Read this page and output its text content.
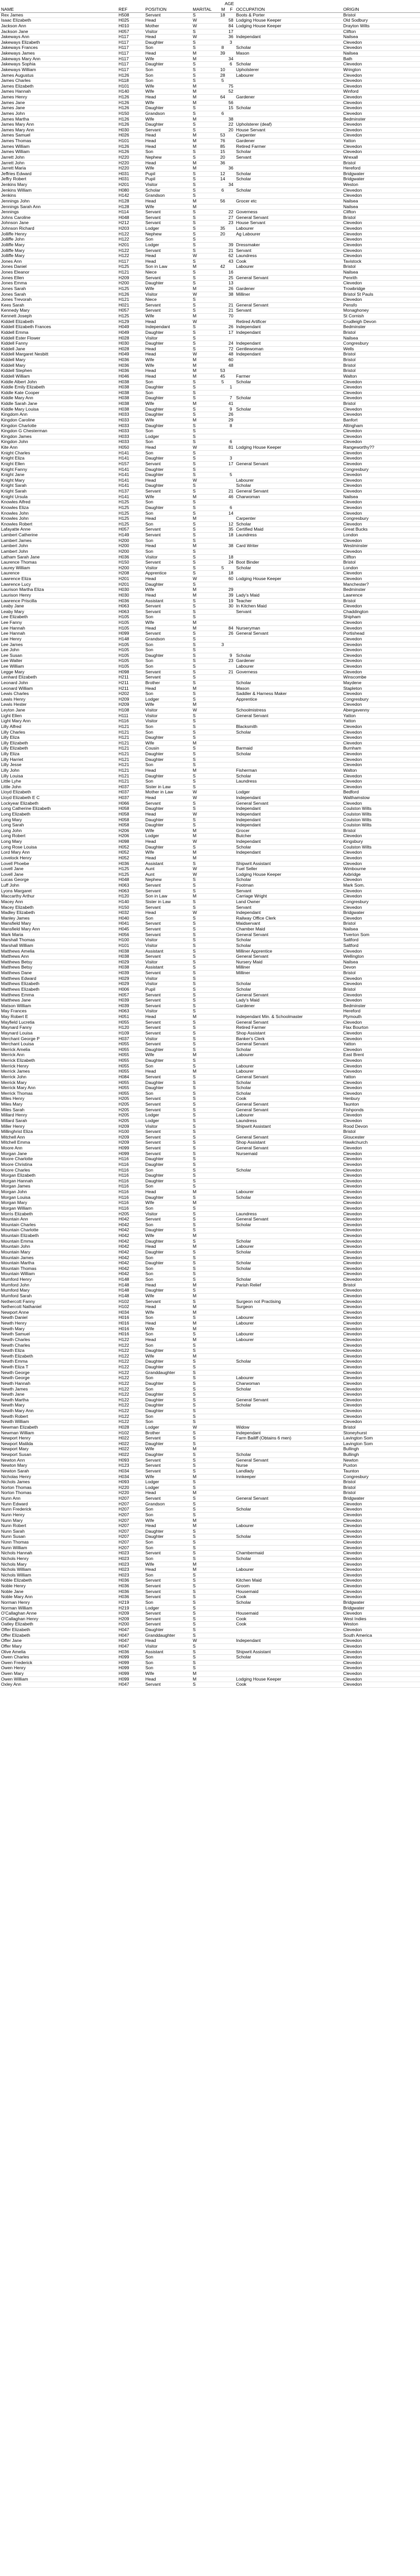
AGE
NAME	REF	POSITION	MARITAL	M	F	OCCUPATION	ORIGIN
Rex James	H508	Servant	S	18		Boots & Porter	Bristol
Isaac Elizabeth	H025	Head	W		58	Lodging House Keeper	Old Sodbury
Jackson Ann	H010	Mother	W		84	Lodging House Keeper	Drayton Wilts
Jackson Jane	H057	Visitor	S		17		Clifton
Jakeways Ann	H117	Head	W		36	Independant	Nailsea
Jakeways Elizabeth	H117	Daughter	S		3		Clevedon
Jakeways Frances	H117	Son	S	8		Scholar	Clevedon
Jakeways James	H117	Head	M	39		Mason	Nailsea
Jakeways Mary Ann	H117	Wife	M		34		Bath
Jakeways Sophia	H117	Daughter	S		6	Scholar	Clevedon
Jakeways William	H117	Son	S	10		Upholsterer	Wrington
James Augustus	H126	Son	S	28		Labourer	Clevedon
James Charles	H118	Son	S	5			Clevedon
James Elizabeth	H101	Wife	M		75		Clevedon
James Hannah	H140	Wife	M		52		Winford
James Henry	H126	Head	M	64		Gardener	Clevedon
James Jane	H126	Wife	M		56		Clevedon
James Jane	H126	Daughter	S		15	Scholar	Clevedon
James John	H150	Grandson	S	6			Clevedon
James Martha	H126	Wife	M		38		Bedminster
James Mary Ann	H126	Daughter	S		22	Upholsterer (deaf)	Clevedon
James Mary Ann	H030	Servant	S		20	House Servant	Clevedon
James Samuel	H026	Head	M	53		Carpenter	Clevedon
James Thomas	H101	Head	M	76		Gardener	Yatton
James William	H126	Head	M	85		Retired Farmer	Clevedon
James William	H126	Son	S	15		Scholar	Clevedon
Jarrett John	H220	Nephew	S	20		Servant	Wrexall
Jarrett John	H220	Head	M	36			Bristol
Jarrett Maria	H220	Wife	M		36		Hereford
Jeffries Edward	H031	Pupil	S	12		Scholar	Bridgwater
Jeffry Robert	H031	Pupil	S	14		Scholar	Bridgwater
Jenkins Mary	H201	Visitor	S		34		Weston
Jenkins William	H080	Scholar	S	6		Scholar	Clevedon
Jenkins	H142	Grandson	S				Clevedon
Jennings John	H128	Head	M	56		Grocer etc	Nailsea
Jennings Sarah Ann	H128	Wife	M				Nailsea
Jennings	H114	Servant	S		22	Governess	Clifton
Johns Caroline	H048	Servant	S		27	General Servant	Bristol
Johnson Jane	H212	Servant	S		23	House Servant	Clevedon
Johnson Richard	H203	Lodger	S	35		Labourer	Clevedon
Jolliffe Henry	H122	Nephew	S	20		Ag Labourer	Clevedon
Jolliffe John	H122	Son	S				Clevedon
Jolliffe Mary	H201	Lodger	S		39	Dressmaker	Clevedon
Jolliffe Mary	H122	Servant	S		21	Servant	Clevedon
Jolliffe Mary	H122	Head	W		62	Laundress	Clevedon
Jones Ann	H117	Head	S		43	Cook	Tavistock
Jones Daniel	H125	Son in Law	M	42		Labourer	Bristol
Jones Eleanor	H121	Niece	S		16		Nailsea
Jones Ellen	H209	Servant	S		25	General Servant	Penrith
Jones Emma	H200	Daughter	S		13		Clevedon
Jones Sarah	H125	Wife	M		26	Gardener	Trowbridge
Jones Sarah	H126	Visitor	W		38	Milliner	Bristol St Pauls
Jones Trevorah	H121	Niece	S				Clevedon
Kees Sarah	H021	Servant	S		21	General Servant	Pensfo
Kennedy Mary	H057	Servant	S		21	Servant	Monaghoney
Kennett Joseph	H125	Wife	M		70		St Cornish
Kiddell Elizabeth	H129	Head	W			Retired Artificer	Crudleigh Devon
Kiddell Elizabeth Frances	H049	Independant	S		26	Independant	Bedminster
Kiddell Emma	H049	Daughter	S		17	Independant	Bristol
Kiddell Ester Flower	H028	Visitor	S				Nailsea
Kiddell Fanny	H030	Daughter	S		24	Independant	Congresbury
Kiddell Jane	H028	Head	S		72	Gentlewoman	Wells
Kiddell Margaret Nesbitt	H049	Head	W		48	Independant	Bristol
Kiddell Mary	H036	Wife	M		60		Bristol
Kiddell Mary	H036	Wife	M		48		Bristol
Kiddell Stephen	H036	Head	M	53			Bristol
Kiddell William	H046	Head	M	45		Farmer	Walton
Kiddle Albert John	H038	Son	S	5		Scholar	Clevedon
Kiddle Emily Elizabeth	H038	Daughter	S		1		Clevedon
Kiddle Kate Cooper	H038	Son	S				Clevedon
Kiddle Mary Ann	H038	Daughter	S		7	Scholar	Clevedon
Kiddle Sarah Jane	H038	Wife	M		41		Bristol
Kiddle Mary Louisa	H038	Daughter	S		9	Scholar	Clevedon
Kingdom Ann	H033	Daughter	S		26		Clevedon
Kingdon Caroline	H033	Wife	M		29		Banfort
Kingdon Charlotte	H033	Daughter	S		8		Altingham
Kingdon G Chesterman	H033	Son	S				Clevedon
Kingdon James	H033	Lodger	S				Clevedon
Kingdon John	H033	Son	S		6		Clevedon
Kite Ann	H050	Head	W		81	Lodging House Keeper	Rangeworthy??
Knight Charles	H141	Son	S				Clevedon
Knight Eliza	H141	Daughter	S		3		Clevedon
Knight Ellen	H157	Servant	S		17	General Servant	Clevedon
Knight Fanny	H141	Daughter	S				Congresbury
Knight Jane	H141	Daughter	S		5		Clevedon
Knight Mary	H141	Head	W			Labourer	Clevedon
Knight Sarah	H141	Daughter	S			Scholar	Clevedon
Knight Sarah	H137	Servant	S		21	General Servant	Clevedon
Knight Ursula	H141	Wife	M		46	Charwoman	Nailsea
Knowles Alfred	H125	Son	S				Clevedon
Knowles Eliza	H125	Daughter	S		6		Clevedon
Knowles John	H125	Son	S		14		Clevedon
Knowles John	H125	Head	M			Carpenter	Congresbury
Knowles Robert	H125	Son	S		12	Scholar	Clevedon
Lafayatte Anne	H057	Servant	S		35	Certified Maid	Great Bucks
Lambert Catherine	H149	Servant	S		18	Laundress	London
Lambert James	H200	Son	S				Clevedon
Lambert John	H200	Head	M		38	Card Writer	Westminster
Lambert John	H200	Son	S				Clevedon
Latham Sarah Jane	H036	Visitor	S		18		Clifton
Laurence Thomas	H150	Servant	S		24	Boot Binder	Bristol
Laurey William	H200	Visitor	S	5		Scholar	London
Laurence	H208	Apprentice	S		18		Clevedon
Lawrence Eliza	H201	Head	W		60	Lodging House Keeper	Clevedon
Lawrence Lucy	H201	Daughter	S				Manchester?
Laurison Martha Eliza	H030	Wife	M		29		Bedminster
Laurison Henry	H030	Head	M		39	Lady's Maid	Lawrence
Lawrence Priscilla	H036	Assistant	S		19	Teacher	Bristol
Leaby Jane	H063	Servant	S		30	In Kitchen Maid	Clevedon
Leaby Mary	H063	Servant	S			Servant	Chaddington
Lee Elizabeth	H105	Son	S				Shipham
Lee Fanny	H105	Wife	M				Clevedon
Lee Hannah	H105	Head	M		84	Nurseryman	Clevedon
Lee Hannah	H099	Servant	S		26	General Servant	Portishead
Lee Henry	H148	Grandson	S				Clevedon
Lee James	H105	Son	S	3			Clevedon
Lee John	H105	Son	S				Clevedon
Lee Susan	H105	Daughter	S		9	Scholar	Clevedon
Lee Walter	H105	Son	S		23	Gardener	Clevedon
Lee William	H105	Son	S			Labourer	Clevedon
Legge Mary	H098	Servant	S		21	Governess	Clevedon
Lenhard Elizabeth	H211	Servant	S				Winscombe
Leonard John	H211	Brother	S			Scholar	Maydene
Leonard William	H211	Head	M			Mason	Stapleton
Lewis Charles	H202	Son	S			Saddler & Harness Maker	Clevedon
Lewis Henry	H209	Lodger	S			Apprentice	Congresbury
Lewis Hester	H209	Wife	M				Clevedon
Leyton Jane	H108	Visitor	W			Schoolmistress	Abergavenny
Light Ellen	H111	Visitor	S			General Servant	Yatton
Light Mary Ann	H116	Visitor	S				Yatton
Lilly Alfred	H121	Son	S			Blacksmith	Clevedon
Lilly Charles	H121	Son	S			Scholar	Clevedon
Lilly Eliza	H121	Daughter	S				Clevedon
Lilly Elizabeth	H121	Wife	M				Clevedon
Lilly Elizabeth	H121	Cousin	S			Barmaid	Burnham
Lilly Eliza	H121	Daughter	S			Scholar	Clevedon
Lilly Harriet	H121	Daughter	S				Clevedon
Lilly Jesse	H121	Son	S				Clevedon
Lilly John	H121	Head	M			Fisherman	Walton
Lilly Louisa	H121	Daughter	S			Scholar	Clevedon
Little Lyhe	H121	Son	S			Laundress	Clevedon
Little John	H037	Sister in Law	S				Clevedon
Lloyd Elizabeth	H037	Mother in Law	W			Lodger	Bedford
Lloyd Elizabeth E C	H037	Head	W			Independant	Walthamstow
Lockyear Elizabeth	H066	Servant	S			General Servant	Clevedon
Long Catherine Elizabeth	H058	Daughter	S			Independant	Coulston Wilts
Long Elizabeth	H058	Head	W			Independant	Coulston Wilts
Long Mary	H058	Daughter	S			Independant	Coulston Wilts
Long Sarah	H058	Daughter	S			Independant	Coulston Wilts
Long John	H206	Wife	M			Grocer	Bristol
Long Robert	H206	Lodger	M			Butcher	Clevedon
Long Mary	H098	Head	W			Independant	Kingsbury
Long Rose Louisa	H052	Daughter	S			Scholar	Coulston Wilts
Lord Mary Ann	H052	Wife	M			Independant	Clevedon
Lovelock Henry	H052	Head	M				Clevedon
Lovell Phoebe	H036	Assistant	S			Shipwrit Assistant	Clevedon
Lovell Jane	H125	Aunt	W			Fuel Seller	Wimbourne
Lovell Jane	H125	Aunt	W			Lodging House Keeper	Axbridge
Lucas George	H048	Nephew	S			Scholar	Clevedon
Luff John	H063	Servant	S			Footman	Mark Som.
Lyons Margaret	H063	Servant	S			Servant	Clevedon
Maccarthy Arthur	H120	Son in Law	M			Carriage Wright	Clevedon
Macey Ann	H140	Sister in Law	S			Land Owner	Congresbury
Macey Elizabeth	H150	Servant	S			Servant	Clevedon
Madley Elizabeth	H032	Head	W			Independant	Bridgwater
Manley James	H040	Son	S			Railway Office Clerk	Clevedon
Mansfield Mary	H041	Servant	S			Maidservant	Bristol
Mansfield Mary Ann	H045	Servant	S			Chamber Maid	Nailsea
Mark Maria	H056	Servant	S			General Servant	Tiverton Som
Marshall Thomas	H100	Visitor	S			Scholar	Saltford
Marshall William	H101	Visitor	S			Scholar	Saltford
Matthews Amelia	H038	Assistant	S			Milliner Apprentice	Clevedon
Matthews Ann	H038	Servant	S			General Servant	Wellington
Matthews Betsy	H029	Visitor	S			Nursery Maid	Nailsea
Matthews Betsy	H038	Assistant	S			Milliner	Devon
Matthews Dane	H039	Servant	S			Milliner	Bristol
Matthews Edward	H029	Visitor	S				Clevedon
Matthews Elizabeth	H029	Visitor	S			Scholar	Clevedon
Matthews Elizabeth	H006	Pupil	S			Scholar	Bristol
Matthews Emma	H057	Servant	S			General Servant	Clevedon
Matthews Jane	H039	Servant	S			Lady's Maid	Clevedon
Matson William	H039	Servant	S			Gardener	Bedminster
May Frances	H063	Visitor	S				Hereford
May Robert E	H051	Head	M			Independant Min. & Schoolmaster	Plymouth
Mayfield Lucretia	H055	Servant	S			General Servant	Clevedon
Maynard Fanny	H120	Servant	S			Retired Farmer	Flax Bourton
Maynard Louisa	H109	Servant	S			Shop Assistant	Clevedon
Merchant George P	H037	Visitor	S			Banker's Clerk	Clevedon
Merchant Louisa	H055	Servant	S			General Servant	Yatton
Merrick Amelia	H055	Daughter	S			Scholar	Clevedon
Merrick Ann	H055	Wife	M			Labourer	East Brent
Merrick Elizabeth	H055	Daughter	S				Clevedon
Merrick Henry	H055	Son	S			Labourer	Clevedon
Merrick James	H055	Head	M			Labourer	Clevedon
Merrick John	H084	Servant	S			General Servant	Yatton
Merrick Mary	H055	Daughter	S			Scholar	Clevedon
Merrick Mary Ann	H055	Daughter	S			Scholar	Clevedon
Merrick Thomas	H055	Son	S			Scholar	Clevedon
Miles Henry	H205	Servant	S			Cook	Henbury
Miles Mary	H205	Servant	S			General Servant	Taunton
Miles Sarah	H205	Servant	S			General Servant	Fishponds
Millard Henry	H205	Lodger	S			Labourer	Clevedon
Millard Sarah	H205	Lodger	S			Laundress	Clevedon
Miller Henry	H209	Visitor	S			Shipwrit Assistant	Rood Devon
Millinghrist Eliza	H100	Servant	S				Bristol
Mitchell Ann	H209	Servant	S			General Servant	Gloucester
Mitchell Emma	H209	Servant	S			Shop Assistant	Hawkchurch
Moore Ann	H099	Servant	S			General Servant	Clevedon
Morgan Jane	H099	Servant	S			Nursemaid	Clevedon
Moore Charlotte	H116	Daughter	S				Clevedon
Moore Christina	H116	Daughter	S				Clevedon
Moore Charles	H116	Son	S			Scholar	Clevedon
Morgan Elizabeth	H116	Daughter	S				Clevedon
Morgan Hannah	H116	Daughter	S				Clevedon
Morgan James	H116	Son	S				Clevedon
Morgan John	H116	Head	M			Labourer	Clevedon
Morgan Louisa	H116	Daughter	S			Scholar	Clevedon
Morgan Mary	H116	Wife	M				Clevedon
Morgan William	H116	Son	S				Clevedon
Morris Elizabeth	H205	Visitor	S			Laundress	Clevedon
Mountain Ann	H042	Servant	S			General Servant	Clevedon
Mountain Charles	H042	Son	S			Scholar	Clevedon
Mountain Charlotte	H042	Daughter	S				Clevedon
Mountain Elizabeth	H042	Wife	M				Clevedon
Mountain Emma	H042	Daughter	S			Scholar	Clevedon
Mountain John	H042	Head	M			Labourer	Clevedon
Mountain Mary	H042	Daughter	S			Scholar	Clevedon
Mountain James	H042	Son	S				Clevedon
Mountain Martha	H042	Daughter	S			Scholar	Clevedon
Mountain Thomas	H042	Son	S			Scholar	Clevedon
Mountain William	H042	Son	S				Clevedon
Mumford Henry	H148	Son	S			Scholar	Clevedon
Mumford John	H148	Head	M			Parish Relief	Bristol
Mumford Mary	H148	Daughter	S				Clevedon
Mumford Sarah	H148	Wife	M				Clevedon
Nethercott Fanny	H102	Servant	S			Surgeon not Practising	Clevedon
Nethercott Nathaniel	H102	Head	M			Surgeon	Clevedon
Newport Anne	H034	Wife	M				Clevedon
Newth Daniel	H016	Son	S			Labourer	Clevedon
Newth Henry	H016	Head	M			Labourer	Clevedon
Newth Mary	H016	Wife	M				Clevedon
Newth Samuel	H016	Son	S			Labourer	Clevedon
Newth Charles	H122	Head	M			Labourer	Clevedon
Newth Charles	H122	Son	S				Clevedon
Newth Eliza	H122	Daughter	S				Clevedon
Newth Elizabeth	H122	Wife	M				Clevedon
Newth Emma	H122	Daughter	S			Scholar	Clevedon
Newth Eliza T	H122	Daughter	S				Clevedon
Newth George	H122	Granddaughter	S				Clevedon
Newth George	H122	Son	S			Labourer	Clevedon
Newth Hannah	H122	Daughter	S			Charwoman	Clevedon
Newth James	H122	Son	S			Scholar	Clevedon
Newth Jane	H122	Daughter	S				Clevedon
Newth Martha	H122	Daughter	S			General Servant	Clevedon
Newth Mary	H122	Daughter	S			Scholar	Clevedon
Newth Mary Ann	H122	Daughter	S				Clevedon
Newth Robert	H122	Son	S				Clevedon
Newth William	H122	Son	S				Clevedon
Newman Elizabeth	H028	Lodger	W			Widow	Bristol
Newman William	H102	Brother	S			Independant	Stoneyhurst
Newport Henry	H022	Servant	S			Farm Bailiff (Obtains 6 men)	Lavington Som
Newport Matilda	H022	Daughter	S				Lavington Som
Newport Mary	H022	Wife	M				Bullingh
Newport Susan	H022	Daughter	S			Scholar	Bullingh
Newton Ann	H093	Servant	S			General Servant	Newton
Newton Mary	H123	Servant	S			Nurse	Puxton
Newton Sarah	H034	Servant	S			Landlady	Taunton
Nicholas Henry	H034	Wife	M			Innkeeper	Congresbury
Nichols James	H093	Lodger	S				Bristol
Norton Thomas	H220	Lodger	S				Bristol
Norton Thomas	H220	Head	M				Bristol
Nunn Ann	H207	Servant	S			General Servant	Bridgwater
Nunn Edward	H207	Grandson	S				Clevedon
Nunn Frederick	H207	Son	S			Scholar	Clevedon
Nunn Henry	H207	Son	S				Clevedon
Nunn Mary	H207	Wife	M				Clevedon
Nunn Robert	H207	Head	M			Labourer	Clevedon
Nunn Sarah	H207	Daughter	S				Clevedon
Nunn Susan	H207	Daughter	S			Scholar	Clevedon
Nunn Thomas	H207	Son	S				Clevedon
Nunn William	H207	Son	S				Clevedon
Nichols Hannah	H023	Servant	S			Chambermaid	Clevedon
Nichols Henry	H023	Son	S			Scholar	Clevedon
Nichols Mary	H023	Wife	M				Clevedon
Nichols William	H023	Head	M			Labourer	Clevedon
Nichols William	H023	Son	S				Clevedon
Noble Elizabeth	H036	Servant	S			Kitchen Maid	Clevedon
Noble Henry	H036	Servant	S			Groom	Clevedon
Noble Jane	H036	Servant	S			Housemaid	Clevedon
Noble Mary Ann	H036	Servant	S			Cook	Clevedon
Norman Henry	H219	Son	S			Scholar	Bridgwater
Norman William	H219	Lodger	S				Bridgwater
O'Callaghan Anne	H209	Servant	S			Housemaid	Clevedon
O'Callaghan Henry	H209	Servant	S			Cook	West Indies
Oatley Elizabeth	H200	Servant	S			Cook	Weston
Offer Elizabeth	H047	Daughter	S				Clevedon
Offer Elizabeth	H047	Granddaughter	S				South America
Offer Jane	H047	Head	W			Independant	Clevedon
Offer Mary	H047	Visitor	S				Clevedon
Olive Amelia	H036	Assistant	S			Shipwrit Assistant	Clevedon
Owen Charles	H099	Son	S			Scholar	Clevedon
Owen Frederick	H099	Son	S				Clevedon
Owen Henry	H099	Son	S				Clevedon
Owen Mary	H099	Wife	M				Clevedon
Owen William	H099	Head	M			Lodging House Keeper	Clevedon
Oxley Ann	H047	Servant	S			Cook	Clevedon
